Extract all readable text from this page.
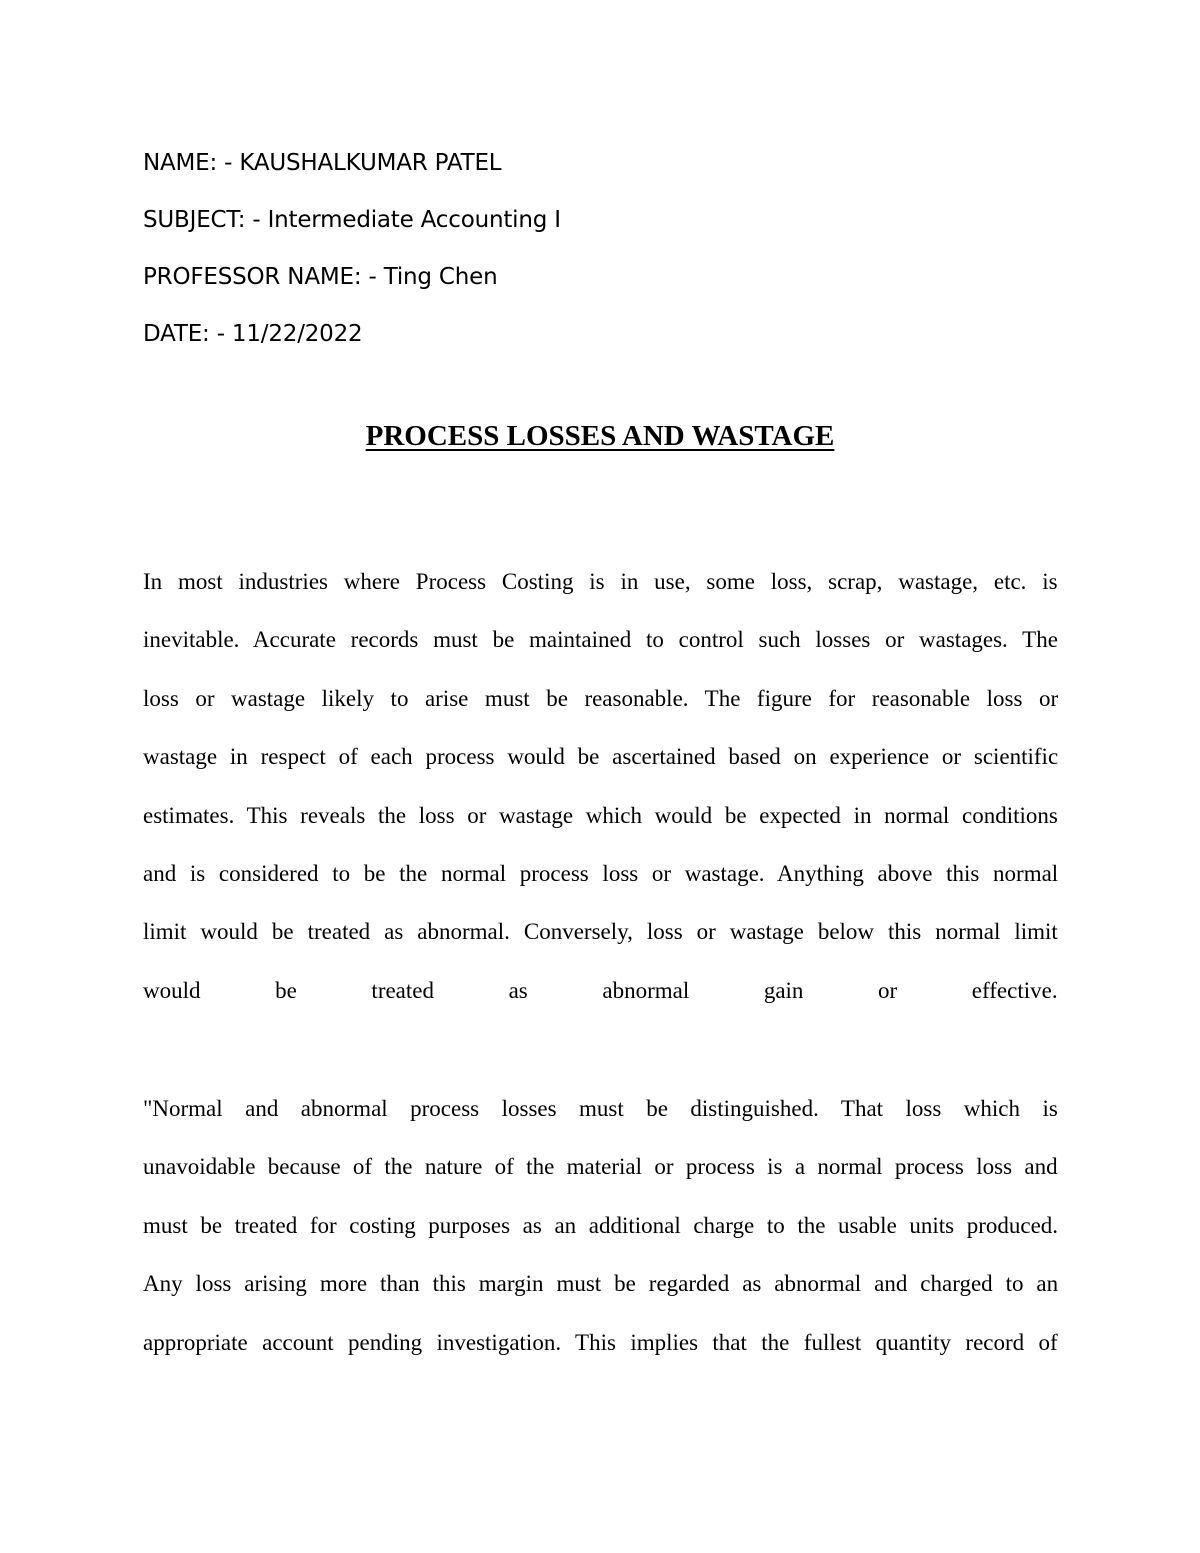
NAME: - KAUSHALKUMAR PATEL
SUBJECT: - Intermediate Accounting I
PROFESSOR NAME: - Ting Chen
DATE: - 11/22/2022
PROCESS LOSSES AND WASTAGE
In most industries where Process Costing is in use, some loss, scrap, wastage, etc. is
inevitable. Accurate records must be maintained to control such losses or wastages. The
loss or wastage likely to arise must be reasonable. The figure for reasonable loss or
wastage in respect of each process would be ascertained based on experience or scientific
estimates. This reveals the loss or wastage which would be expected in normal conditions
and is considered to be the normal process loss or wastage. Anything above this normal
limit would be treated as abnormal. Conversely, loss or wastage below this normal limit
would be treated as abnormal gain or effective.
"Normal and abnormal process losses must be distinguished. That loss which is
unavoidable because of the nature of the material or process is a normal process loss and
must be treated for costing purposes as an additional charge to the usable units produced.
Any loss arising more than this margin must be regarded as abnormal and charged to an
appropriate account pending investigation. This implies that the fullest quantity record of
